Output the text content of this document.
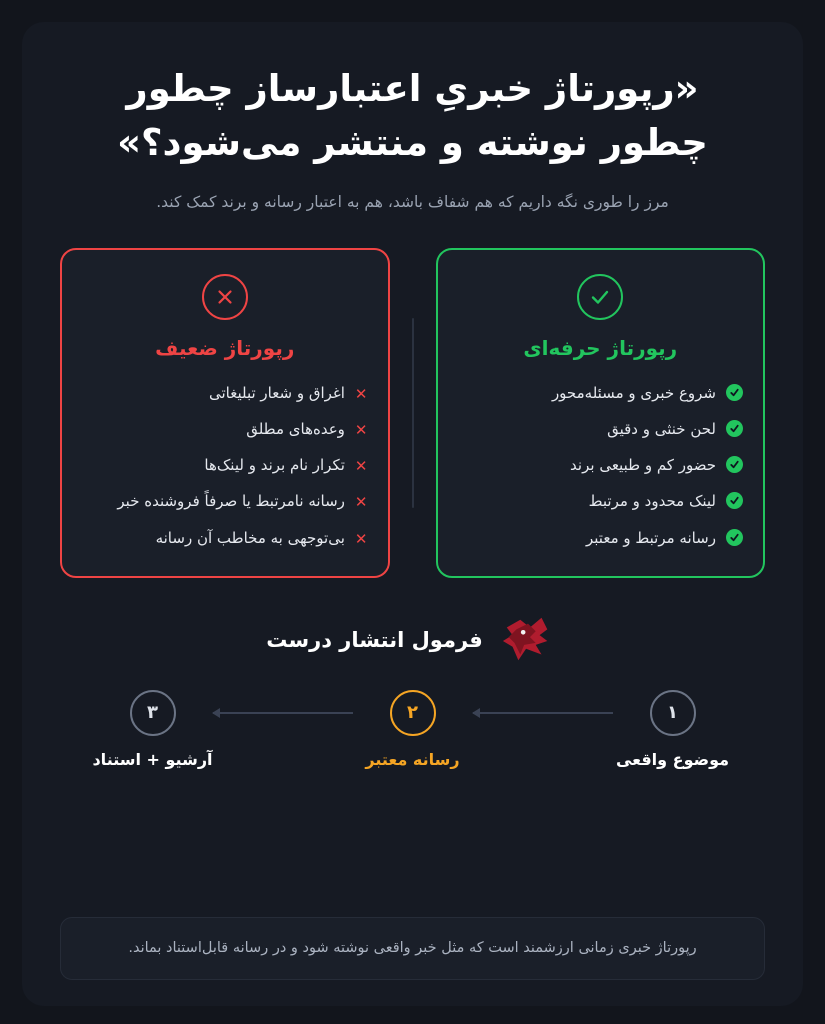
«رپورتاژ خبریِ اعتبارساز چطور چطور نوشته و منتشر می‌شود؟»

مرز را طوری نگه داریم که هم شفاف باشد، هم به اعتبار رسانه و برند کمک کند.

رپورتاژ ضعیف
✕
اغراق و شعار تبلیغاتی
✕
وعده‌های مطلق
✕
تکرار نام برند و لینک‌ها
✕
رسانه نامرتبط یا صرفاً فروشنده خبر
✕
بی‌توجهی به مخاطب آن رسانه
رپورتاژ حرفه‌ای
شروع خبری و مسئله‌محور
لحن خنثی و دقیق
حضور کم و طبیعی برند
لینک محدود و مرتبط
رسانه مرتبط و معتبر
فرمول انتشار درست
۳
آرشیو + استناد
۲
رسانه معتبر
۱
موضوع واقعی
رپورتاژ خبری زمانی ارزشمند است که مثل خبر واقعی نوشته شود و در رسانه قابل‌استناد بماند.
